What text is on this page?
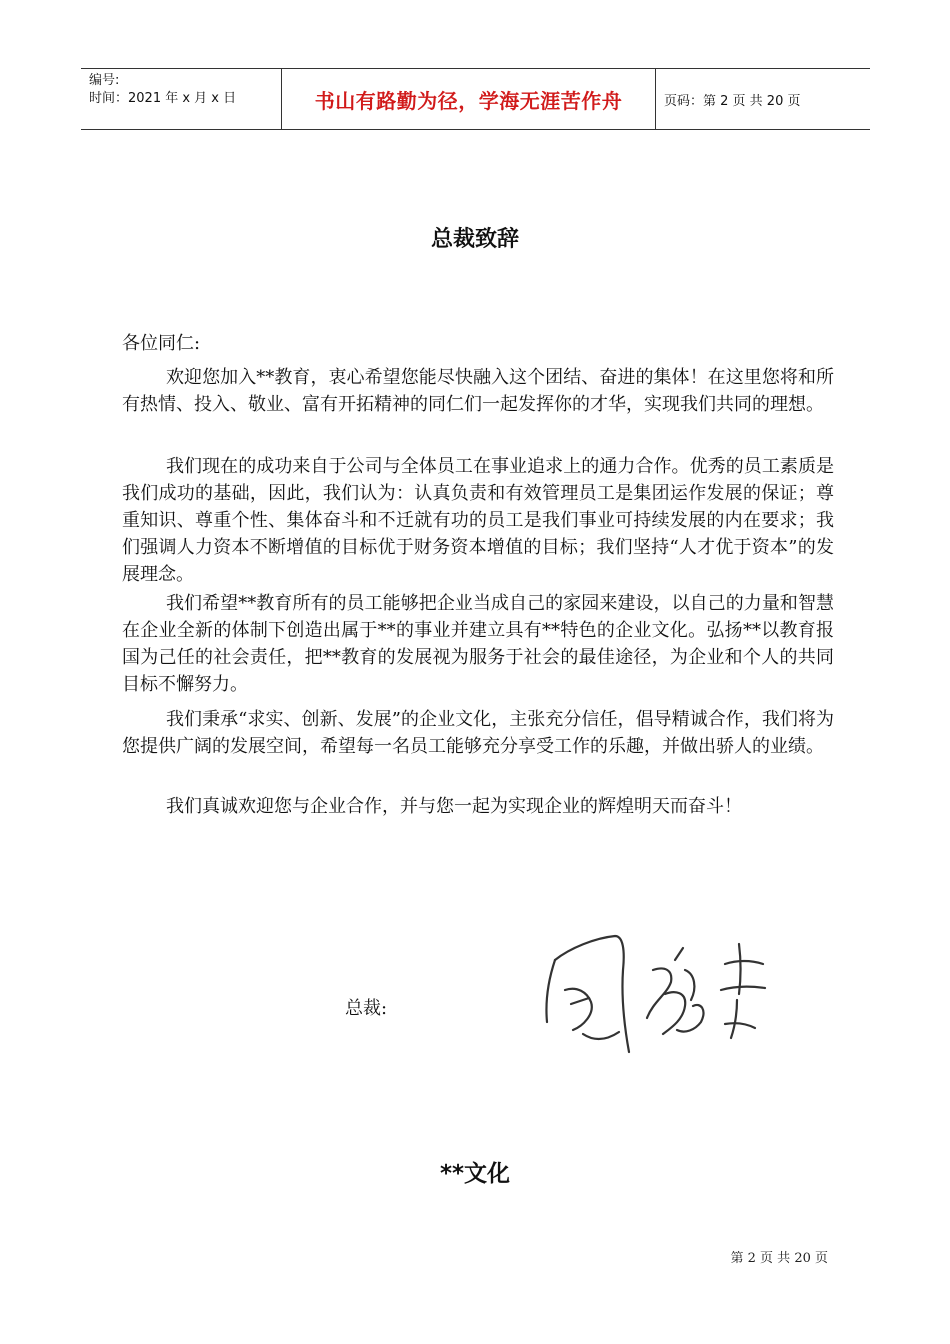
编号:
时间：2021 年 x 月 x 日	书山有路勤为径，学海无涯苦作舟	页码：第 2 页 共 20 页
总裁致辞
各位同仁:

欢迎您加入**教育，衷心希望您能尽快融入这个团结、奋进的集体！在这里您将和所有热情、投入、敬业、富有开拓精神的同仁们一起发挥你的才华，实现我们共同的理想。

我们现在的成功来自于公司与全体员工在事业追求上的通力合作。优秀的员工素质是我们成功的基础，因此，我们认为：认真负责和有效管理员工是集团运作发展的保证；尊重知识、尊重个性、集体奋斗和不迁就有功的员工是我们事业可持续发展的内在要求；我们强调人力资本不断增值的目标优于财务资本增值的目标；我们坚持“人才优于资本”的发展理念。

我们希望**教育所有的员工能够把企业当成自己的家园来建设，以自己的力量和智慧在企业全新的体制下创造出属于**的事业并建立具有**特色的企业文化。弘扬**以教育报国为己任的社会责任，把**教育的发展视为服务于社会的最佳途径，为企业和个人的共同目标不懈努力。

我们秉承“求实、创新、发展”的企业文化，主张充分信任，倡导精诚合作，我们将为您提供广阔的发展空间，希望每一名员工能够充分享受工作的乐趣，并做出骄人的业绩。

我们真诚欢迎您与企业合作，并与您一起为实现企业的辉煌明天而奋斗！

总裁:
**文化
第 2 页 共 20 页
